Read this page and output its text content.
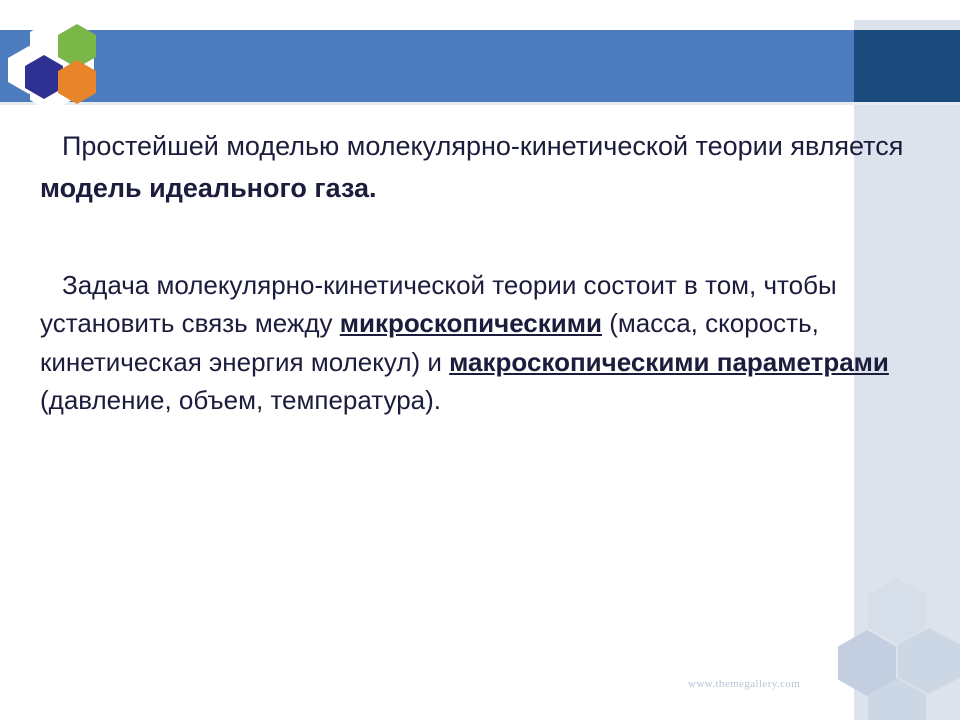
Простейшей моделью молекулярно-кинетической теории является модель идеального газа.

Задача молекулярно-кинетической теории состоит в том, чтобы установить связь между микроскопическими (масса, скорость, кинетическая энергия молекул) и макроскопическими параметрами (давление, объем, температура).

www.themegallery.com
